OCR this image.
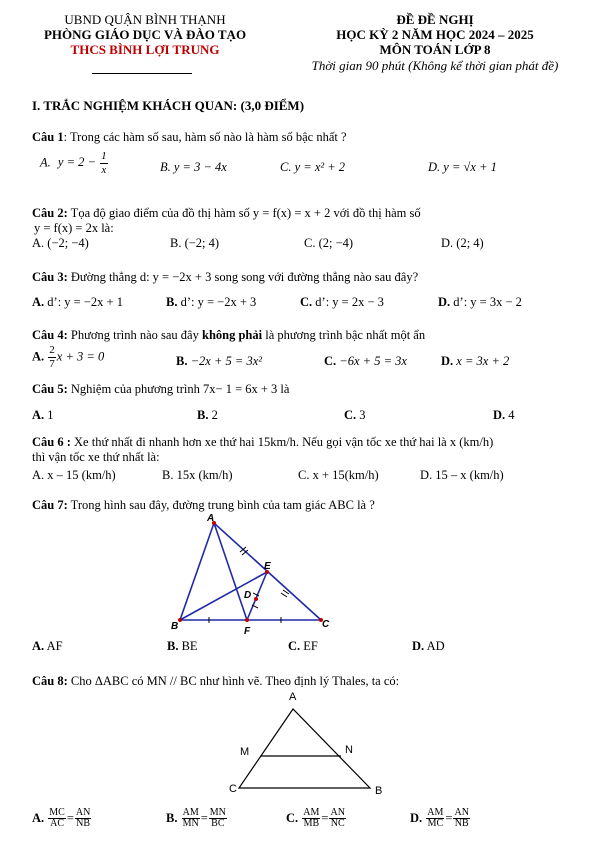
UBND QUẬN BÌNH THẠNH
PHÒNG GIÁO DỤC VÀ ĐÀO TẠO
THCS BÌNH LỢI TRUNG
ĐỀ ĐỀ NGHỊ
HỌC KỲ 2 NĂM HỌC 2024 – 2025
MÔN TOÁN LỚP 8
Thời gian 90 phút (Không kể thời gian phát đề)
I. TRẮC NGHIỆM KHÁCH QUAN: (3,0 ĐIỂM)
Câu 1: Trong các hàm số sau, hàm số nào là hàm số bậc nhất ?
A. $y = 2 - \frac{1}{x}$	B. y = 3 − 4x	C. y = x² + 2	D. y = √x + 1
Câu 2: Tọa độ giao điểm của đồ thị hàm số y = f(x) = x + 2 với đồ thị hàm số
y = f(x) = 2x là:
A. (−2; −4)	B. (−2; 4)	C. (2; −4)	D. (2; 4)
Câu 3: Đường thẳng d: y = −2x + 3 song song với đường thẳng nào sau đây?
A. d’: y = −2x + 1	B. d’: y = −2x + 3	C. d’: y = 2x − 3	D. d’: y = 3x − 2
Câu 4: Phương trình nào sau đây không phải là phương trình bậc nhất một ẩn
A. $\frac{2}{7}$ x + 3 = 0	B. −2x + 5 = 3x²	C. −6x + 5 = 3x	D. x = 3x + 2
Câu 5: Nghiệm của phương trình 7x− 1 = 6x + 3 là
A. 1	B. 2	C. 3	D. 4
Câu 6 : Xe thứ nhất đi nhanh hơn xe thứ hai 15km/h. Nếu gọi vận tốc xe thứ hai là x (km/h)
thì vận tốc xe thứ nhất là:
A. x – 15 (km/h)	B. 15x (km/h)	C. x + 15(km/h)	D. 15 – x (km/h)
Câu 7: Trong hình sau đây, đường trung bình của tam giác ABC là ?
A
B	C
D
E
F
A. AF	B. BE	C. EF	D. AD
Câu 8: Cho ΔABC có MN // BC như hình vẽ. Theo định lý Thales, ta có:
A
M	N
C	B
A. $\frac{MC}{AC} = \frac{AN}{NB}$	B. $\frac{AM}{MN} = \frac{MN}{BC}$	C. $\frac{AM}{MB} = \frac{AN}{NC}$	D. $\frac{AM}{MC} = \frac{AN}{NB}$
